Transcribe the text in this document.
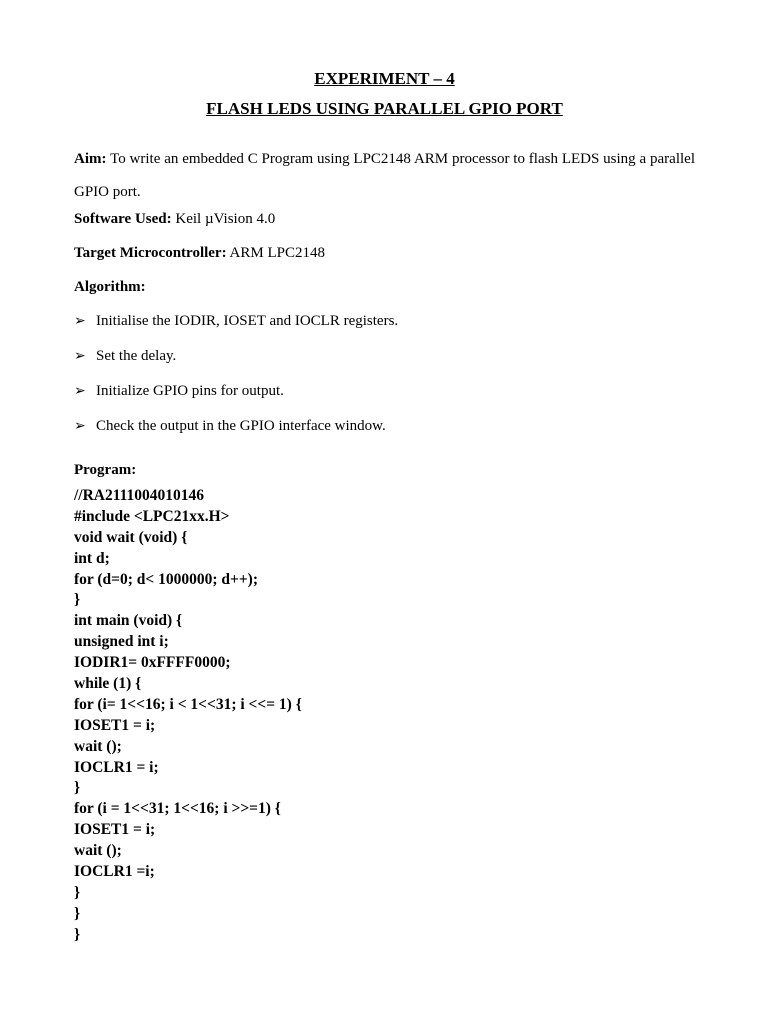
EXPERIMENT – 4
FLASH LEDS USING PARALLEL GPIO PORT
Aim: To write an embedded C Program using LPC2148 ARM processor to flash LEDS using a parallel GPIO port.
Software Used: Keil µVision 4.0
Target Microcontroller: ARM LPC2148
Algorithm:
➢ Initialise the IODIR, IOSET and IOCLR registers.
➢ Set the delay.
➢ Initialize GPIO pins for output.
➢ Check the output in the GPIO interface window.
Program:
//RA2111004010146
#include <LPC21xx.H>
void wait (void) {
int d;
for (d=0; d< 1000000; d++);
}
int main (void) {
unsigned int i;
IODIR1= 0xFFFF0000;
while (1) {
for (i= 1<<16; i < 1<<31; i <<= 1) {
IOSET1 = i;
wait ();
IOCLR1 = i;
}
for (i = 1<<31; 1<<16; i >>=1) {
IOSET1 = i;
wait ();
IOCLR1 =i;
}
}
}
